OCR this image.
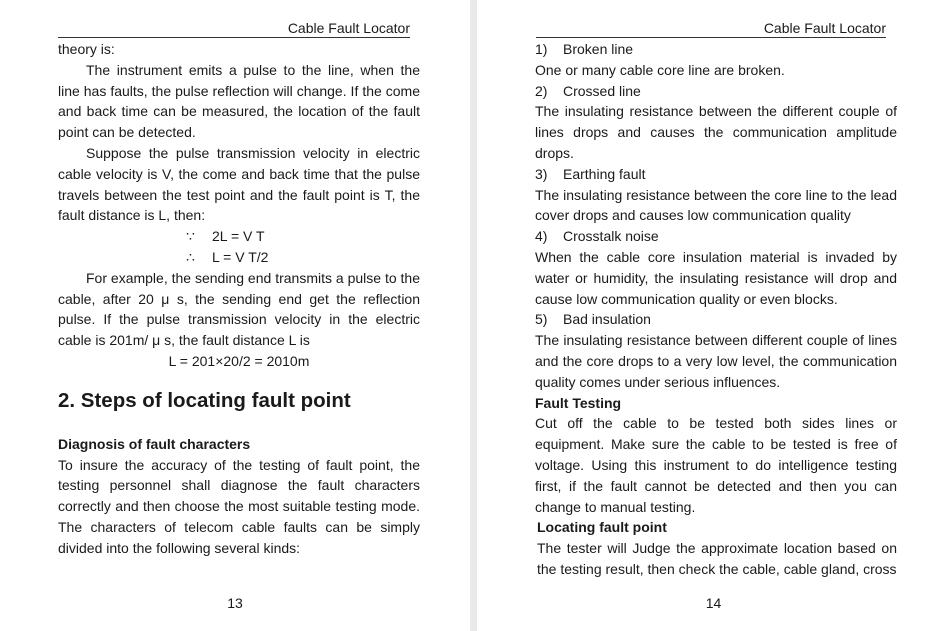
Cable Fault Locator

theory is:

The instrument emits a pulse to the line, when the line has faults, the pulse reflection will change. If the come and back time can be measured, the location of the fault point can be detected.

Suppose the pulse transmission velocity in electric cable velocity is V, the come and back time that the pulse travels between the test point and the fault point is T, the fault distance is L, then:

∵ 2L = V T

∴ L = V T/2

For example, the sending end transmits a pulse to the cable, after 20 μ s, the sending end get the reflection pulse. If the pulse transmission velocity in the electric cable is 201m/ μ s, the fault distance L is

L = 201×20/2 = 2010m

2. Steps of locating fault point

Diagnosis of fault characters

To insure the accuracy of the testing of fault point, the testing personnel shall diagnose the fault characters correctly and then choose the most suitable testing mode. The characters of telecom cable faults can be simply divided into the following several kinds:

13
Cable Fault Locator

1) Broken line

One or many cable core line are broken.

2) Crossed line

The insulating resistance between the different couple of lines drops and causes the communication amplitude drops.

3) Earthing fault

The insulating resistance between the core line to the lead cover drops and causes low communication quality

4) Crosstalk noise

When the cable core insulation material is invaded by water or humidity, the insulating resistance will drop and cause low communication quality or even blocks.

5) Bad insulation

The insulating resistance between different couple of lines and the core drops to a very low level, the communication quality comes under serious influences.

Fault Testing

Cut off the cable to be tested both sides lines or equipment. Make sure the cable to be tested is free of voltage. Using this instrument to do intelligence testing first, if the fault cannot be detected and then you can change to manual testing.

Locating fault point

The tester will Judge the approximate location based on the testing result, then check the cable, cable gland, cross

14
